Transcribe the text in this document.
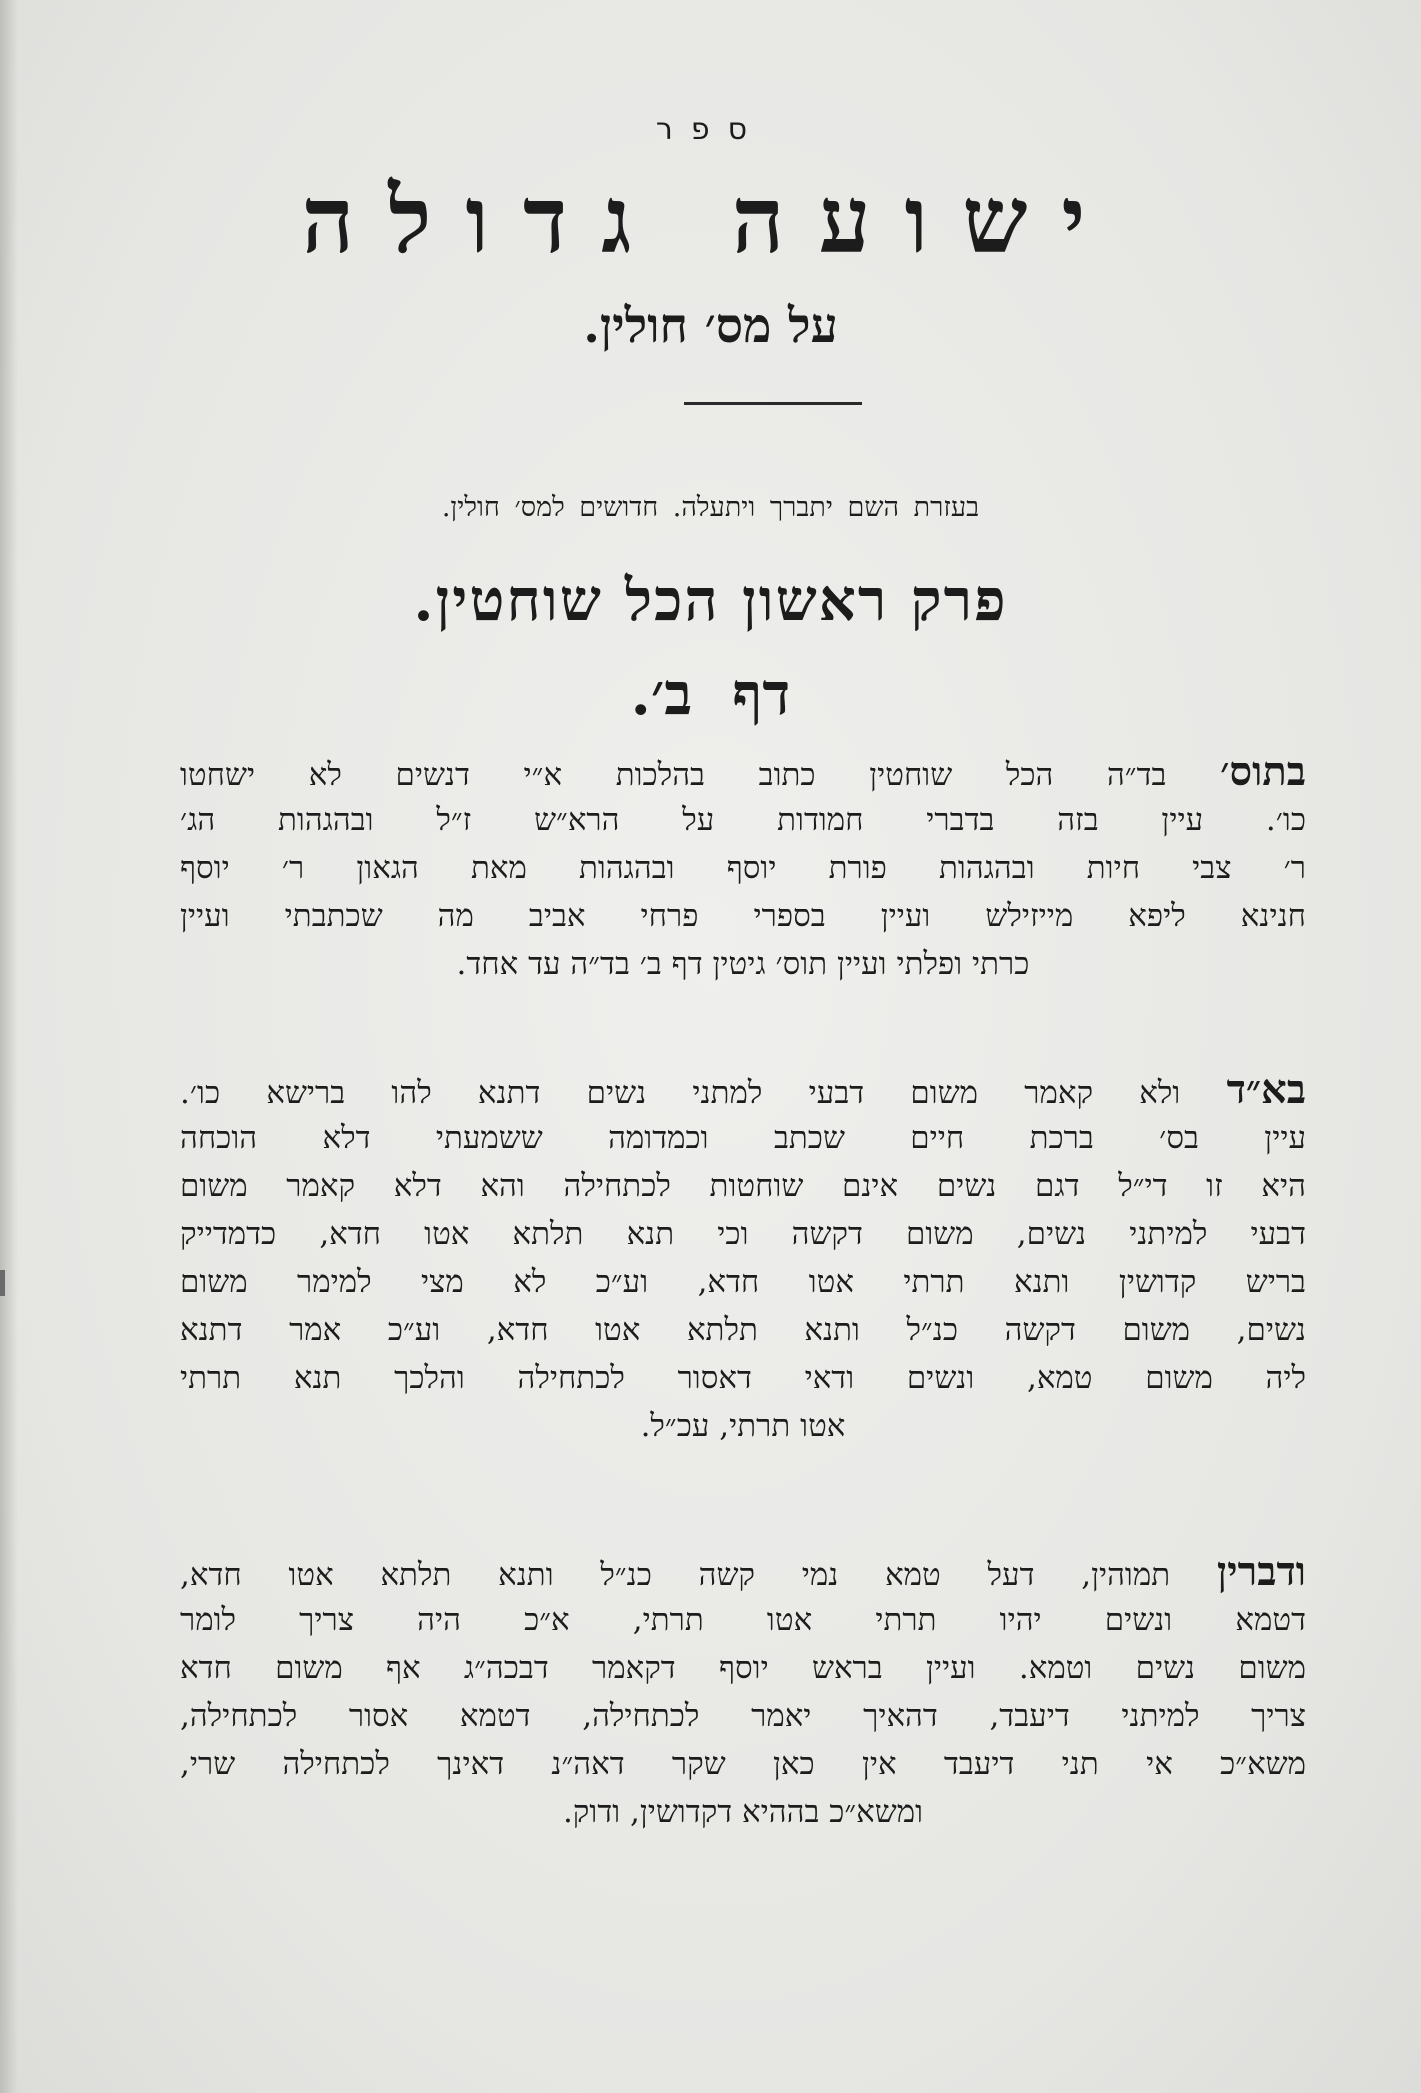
ספר
ישועה גדולה
על מס׳ חולין.
בעזרת השם יתברך ויתעלה. חדושים למס׳ חולין.
פרק ראשון הכל שוחטין.
דף ב׳.
בתוס׳ בד״ה הכל שוחטין כתוב בהלכות א״י דנשים לא ישחטו
כו׳. עיין בזה בדברי חמודות על הרא״ש ז״ל ובהגהות הג׳
ר׳ צבי חיות ובהגהות פורת יוסף ובהגהות מאת הגאון ר׳ יוסף
חנינא ליפא מייזילש ועיין בספרי פרחי אביב מה שכתבתי ועיין
כרתי ופלתי ועיין תוס׳ גיטין דף ב׳ בד״ה עד אחד.
בא״ד ולא קאמר משום דבעי למתני נשים דתנא להו ברישא כו׳.
עיין בס׳ ברכת חיים שכתב וכמדומה ששמעתי דלא הוכחה
היא זו די״ל דגם נשים אינם שוחטות לכתחילה והא דלא קאמר משום
דבעי למיתני נשים, משום דקשה וכי תנא תלתא אטו חדא, כדמדייק
בריש קדושין ותנא תרתי אטו חדא, וע״כ לא מצי למימר משום
נשים, משום דקשה כנ״ל ותנא תלתא אטו חדא, וע״כ אמר דתנא
ליה משום טמא, ונשים ודאי דאסור לכתחילה והלכך תנא תרתי
אטו תרתי, עכ״ל.
ודברין תמוהין, דעל טמא נמי קשה כנ״ל ותנא תלתא אטו חדא,
דטמא ונשים יהיו תרתי אטו תרתי, א״כ היה צריך לומר
משום נשים וטמא. ועיין בראש יוסף דקאמר דבכה״ג אף משום חדא
צריך למיתני דיעבד, דהאיך יאמר לכתחילה, דטמא אסור לכתחילה,
משא״כ אי תני דיעבד אין כאן שקר דאה״נ דאינך לכתחילה שרי,
ומשא״כ בההיא דקדושין, ודוק.
